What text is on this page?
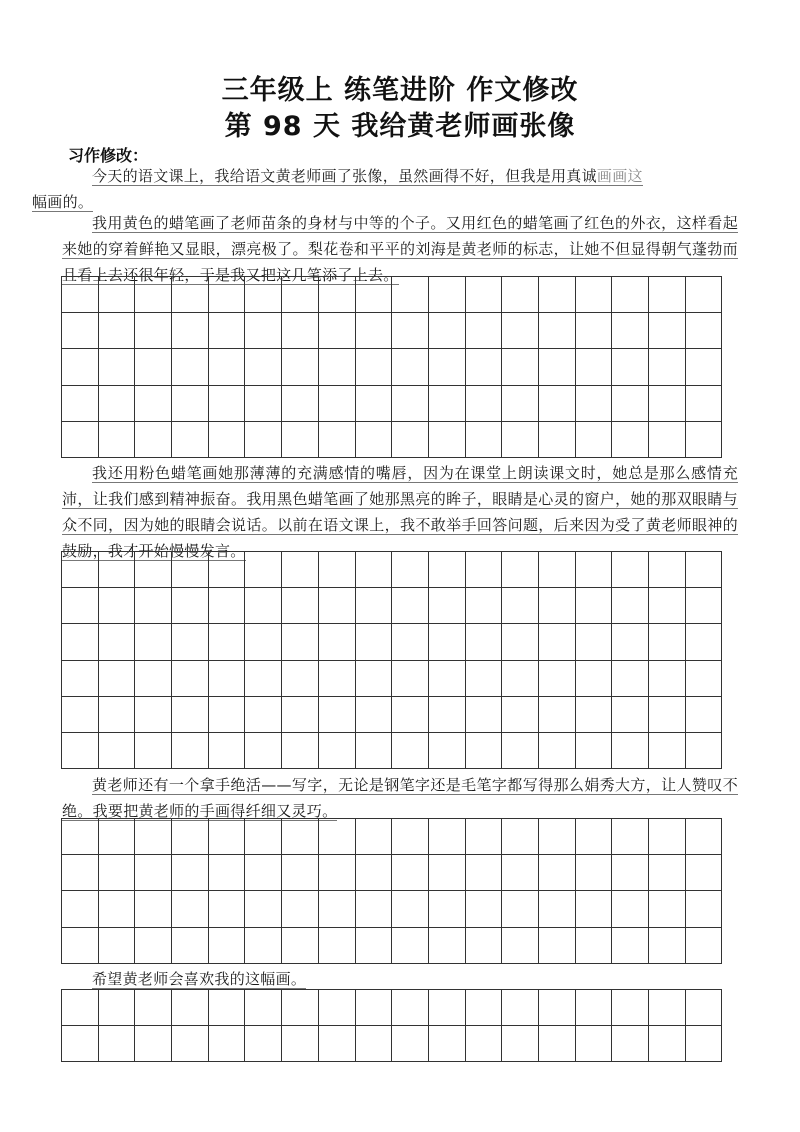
三年级上 练笔进阶 作文修改
第 98 天 我给黄老师画张像
习作修改：
今天的语文课上，我给语文黄老师画了张像，虽然画得不好，但我是用真诚画画这
幅画的。
我用黄色的蜡笔画了老师苗条的身材与中等的个子。又用红色的蜡笔画了红色的外衣，这样看起来她的穿着鲜艳又显眼，漂亮极了。梨花卷和平平的刘海是黄老师的标志，让她不但显得朝气蓬勃而且看上去还很年轻，于是我又把这几笔添了上去。
我还用粉色蜡笔画她那薄薄的充满感情的嘴唇，因为在课堂上朗读课文时，她总是那么感情充沛，让我们感到精神振奋。我用黑色蜡笔画了她那黑亮的眸子，眼睛是心灵的窗户，她的那双眼睛与众不同，因为她的眼睛会说话。以前在语文课上，我不敢举手回答问题，后来因为受了黄老师眼神的鼓励，我才开始慢慢发言。
黄老师还有一个拿手绝活——写字，无论是钢笔字还是毛笔字都写得那么娟秀大方，让人赞叹不绝。我要把黄老师的手画得纤细又灵巧。
希望黄老师会喜欢我的这幅画。
